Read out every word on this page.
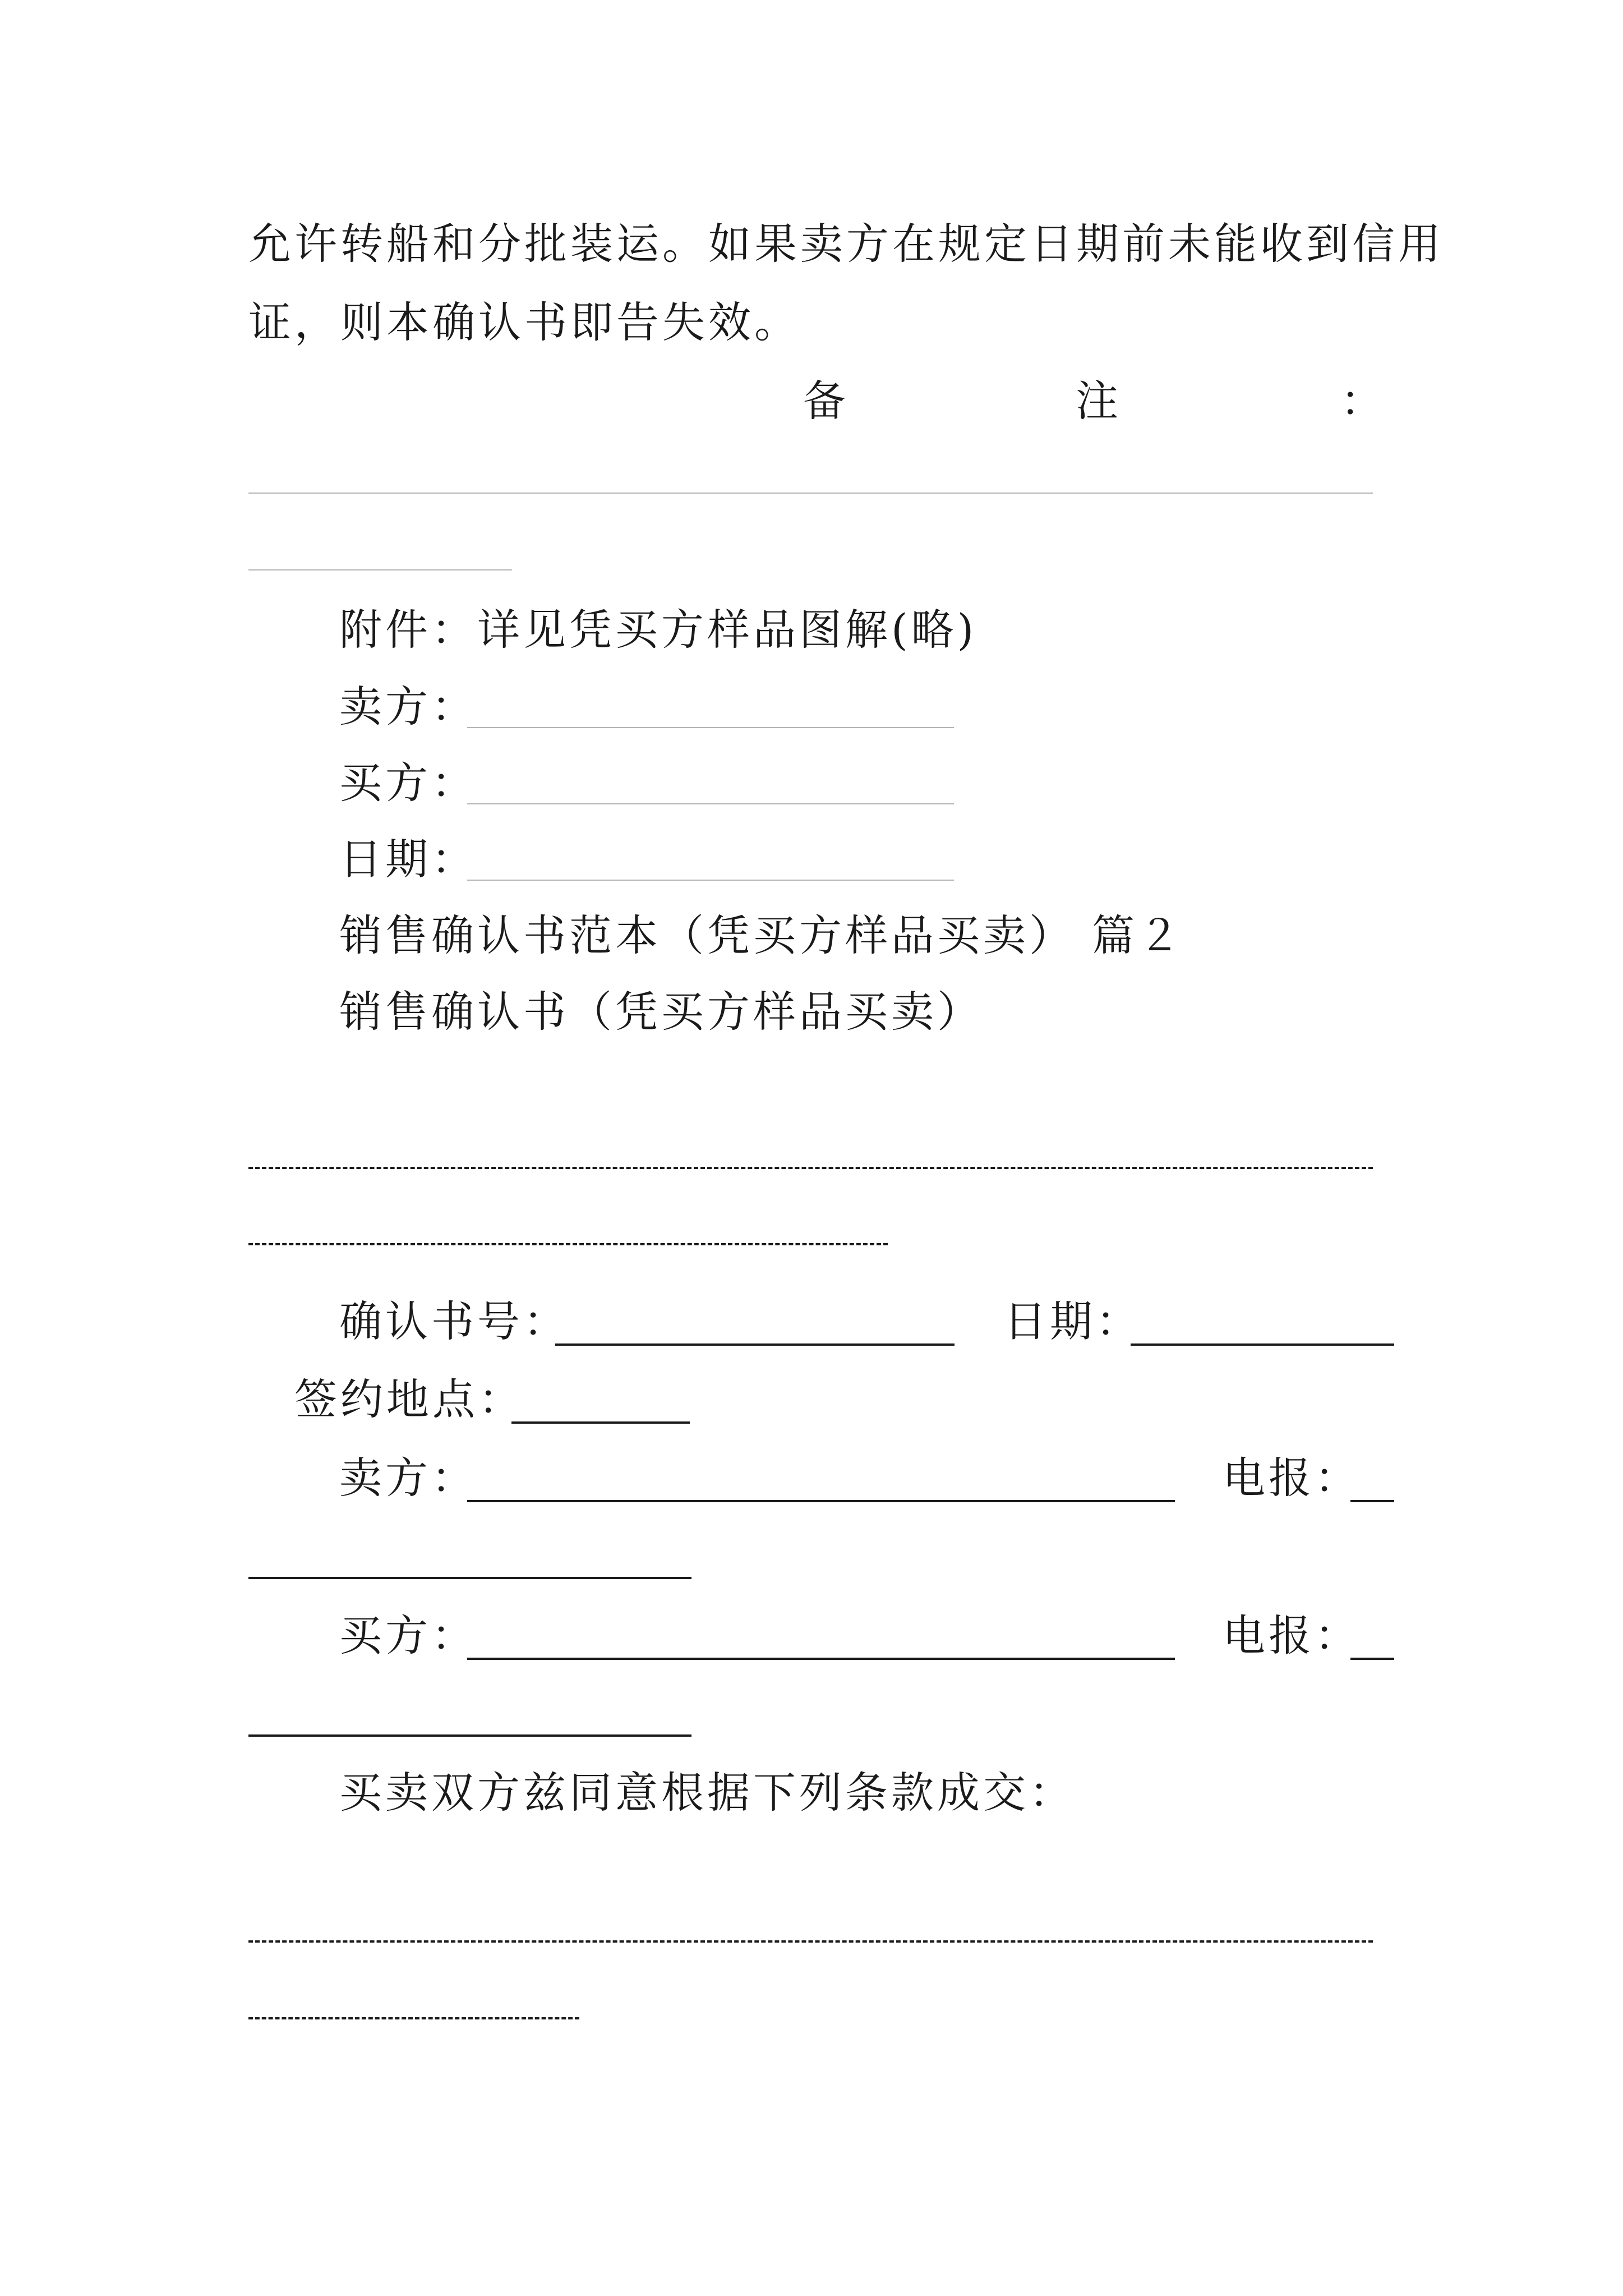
允许转船和分批装运。如果卖方在规定日期前未能收到信用
证，则本确认书即告失效。
备	注	：
附件：详见凭买方样品图解(略)
卖方：
买方：
日期：
销售确认书范本（凭买方样品买卖） 篇２
销售确认书（凭买方样品买卖）
确认书号：	日期：
签约地点：
卖方：	电报：
买方：	电报：
买卖双方兹同意根据下列条款成交：
